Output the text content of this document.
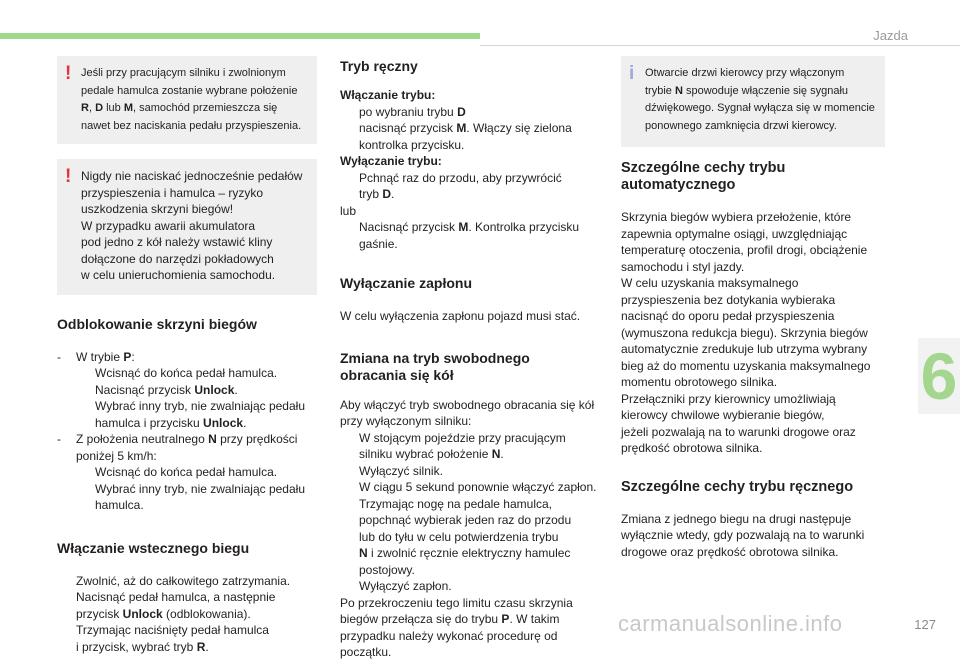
Jazda
6
carmanualsonline.info	127
! Jeśli przy pracującym silniku i zwolnionym

pedale hamulca zostanie wybrane położenie

R, D lub M, samochód przemieszcza się

nawet bez naciskania pedału przyspieszenia.

! Nigdy nie naciskać jednocześnie pedałów

przyspieszenia i hamulca – ryzyko

uszkodzenia skrzyni biegów!

W przypadku awarii akumulatora

pod jedno z kół należy wstawić kliny

dołączone do narzędzi pokładowych

w celu unieruchomienia samochodu.

Odblokowanie skrzyni biegów
- W trybie P:
Wcisnąć do końca pedał hamulca.
Nacisnąć przycisk Unlock.
Wybrać inny tryb, nie zwalniając pedału
hamulca i przycisku Unlock.
- Z położenia neutralnego N przy prędkości
poniżej 5 km/h:
Wcisnąć do końca pedał hamulca.
Wybrać inny tryb, nie zwalniając pedału
hamulca.
Włączanie wstecznego biegu
Zwolnić, aż do całkowitego zatrzymania.
Nacisnąć pedał hamulca, a następnie
przycisk Unlock (odblokowania).
Trzymając naciśnięty pedał hamulca
i przycisk, wybrać tryb R.
Tryb ręczny

Włączanie trybu:

po wybraniu trybu D
nacisnąć przycisk M. Włączy się zielona
kontrolka przycisku.

Wyłączanie trybu:

Pchnąć raz do przodu, aby przywrócić
tryb D.

lub

Nacisnąć przycisk M. Kontrolka przycisku
gaśnie.
Wyłączanie zapłonu

W celu wyłączenia zapłonu pojazd musi stać.

Zmiana na tryb swobodnego
obracania się kół

Aby włączyć tryb swobodnego obracania się kół
przy wyłączonym silniku:

W stojącym pojeździe przy pracującym
silniku wybrać położenie N.
Wyłączyć silnik.
W ciągu 5 sekund ponownie włączyć zapłon.
Trzymając nogę na pedale hamulca,
popchnąć wybierak jeden raz do przodu
lub do tyłu w celu potwierdzenia trybu
N i zwolnić ręcznie elektryczny hamulec
postojowy.
Wyłączyć zapłon.

Po przekroczeniu tego limitu czasu skrzynia
biegów przełącza się do trybu P. W takim
przypadku należy wykonać procedurę od
początku.

i Otwarcie drzwi kierowcy przy włączonym

trybie N spowoduje włączenie się sygnału

dźwiękowego. Sygnał wyłącza się w momencie

ponownego zamknięcia drzwi kierowcy.

Szczególne cechy trybu
automatycznego

Skrzynia biegów wybiera przełożenie, które

zapewnia optymalne osiągi, uwzględniając

temperaturę otoczenia, profil drogi, obciążenie

samochodu i styl jazdy.

W celu uzyskania maksymalnego

przyspieszenia bez dotykania wybieraka

nacisnąć do oporu pedał przyspieszenia

(wymuszona redukcja biegu). Skrzynia biegów

automatycznie zredukuje lub utrzyma wybrany

bieg aż do momentu uzyskania maksymalnego

momentu obrotowego silnika.

Przełączniki przy kierownicy umożliwiają

kierowcy chwilowe wybieranie biegów,

jeżeli pozwalają na to warunki drogowe oraz

prędkość obrotowa silnika.

Szczególne cechy trybu ręcznego

Zmiana z jednego biegu na drugi następuje

wyłącznie wtedy, gdy pozwalają na to warunki

drogowe oraz prędkość obrotowa silnika.
